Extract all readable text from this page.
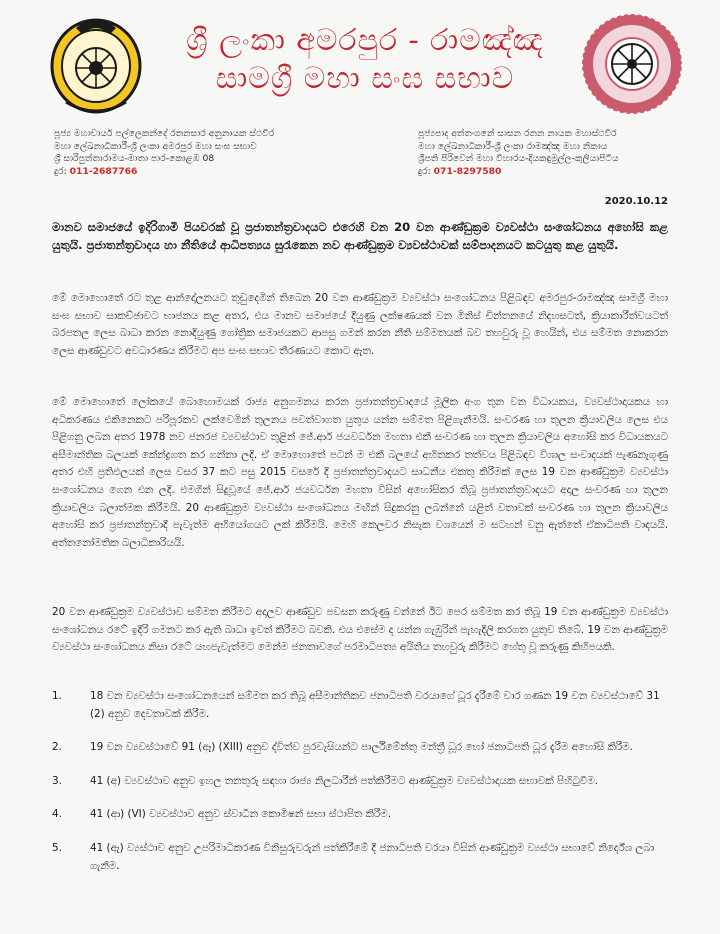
ශ්‍රී ලංකා අමරපුර - රාමඤ්ඤ
සාමග්‍රී මහා සංඝ සභාව
පූජ්‍ය මහාචාර්ය පල්ලෙකන්දේ රතනසාර අනුනායක ස්ථවිර
මහා ලේඛනාධිකාරී-ශ්‍රී ලංකා අමරපුර මහා සංඝ සභාව
ශ්‍රී සාරිපුත්තාරාමය-මාතා පාර-කොළඹ 08
දුර: 011-2687766
පූජ්‍යපාද අත්තංගනේ සාසන රතන නායක මහාස්ථවිර
මහා ලේඛනාධිකාරී-ශ්‍රී ලංකා රාමඤ්ඤ මහා නිකාය
ශ්‍රීපති පිරිවෙන් මහා විහාරය-දියකඳුමුල්ල-කුලියාපිටිය
දුර: 071-8297580
2020.10.12
මානව සමාජයේ ඉදිරිගාමී පියවරක් වූ ප්‍රජාතන්ත්‍රවාදයට එරෙහි වන 20 වන ආණ්ඩුක්‍රම ව්‍යවස්ථා සංශෝධනය අහෝසි කළ යුතුයි. ප්‍රජාතන්ත්‍රවාදය හා නීතියේ ආධිපත්‍යය සුරැකෙන නව ආණ්ඩුක්‍රම ව්‍යවස්ථාවක් සම්පාදනයට කටයුතු කළ යුතුයි.
මේ මොහොතේ රට තුළ ආන්දෝලනයට තුඩුදෙමින් තිබෙන 20 වන ආණ්ඩුක්‍රම ව්‍යවස්ථා සංශෝධනය පිළිබඳව අමරපුර-රාමඤ්ඤ සාමග්‍රී මහා සංඝ සභාව සාකච්ඡාවට භාජනය කළ අතර, එය මානව සමාජයේ දියුණු ලක්ෂණයක් වන මිනිස් චින්තනයේ නිදහසටත්, ක්‍රියාකාරීත්වයටත් බරපතල ලෙස බාධා කරන නොදියුණු ගෝත්‍රික සමාජයකට ආපසු ගමන් කරන නීති සම්මතයක් බව තහවුරු වූ හෙයින්, එය සම්මත නොකරන ලෙස ආණ්ඩුවට අවධාරණය කිරීමට අප සංඝ සභාව තීරණයට කොට ඇත.
මේ මොහොතේ ලෝකයේ බොහොමයක් රාජ්‍ය අනුගමනය කරන ප්‍රජාතන්ත්‍රවාදයේ මූලික අංග තුන වන විධායකය, ව්‍යවස්ථාදායකය හා අධිකරණය එකිනෙකට පරිපූරකව ලක්වෙමින් තුලනය පවත්වාගත යුතුය යන්න සම්මත පිළිගැනීමයි. සංවරණ හා තුලන ක්‍රියාවලිය ලෙස එය පිළිගනු ලබන අතර 1978 නව ජනරජ ව්‍යවස්ථාව තුළින් ජේ.ආර් ජයවර්ධන මහතා එකී සංවරණ හා තුලන ක්‍රියාවලිය අහෝසි කර විධායකයට අසීමාන්තික බලයක් කේන්ද්‍රගත කර ගන්නා ලදි. ඒ මොහොතේ පටන් ම එකී බලයේ අහිතකර තත්වය පිළිබඳව විශාල සංවාදයක් පැණනැගුණු අතර එහි ප්‍රතිඵලයක් ලෙස වසර 37 කට පසු 2015 වසරේ දී ප්‍රජාතන්ත්‍රවාදයට සාධනීය එකතු කිරීමක් ලෙස 19 වන ආණ්ඩුක්‍රම ව්‍යවස්ථා සංශෝධනය ගෙන එන ලදි. එමගින් සිදුවූයේ ජේ.ආර් ජයවර්ධන මහතා විසින් අහෝසිකර තිබූ ප්‍රජාතන්ත්‍රවාදයට අදාල සංවරණ හා තුලන ක්‍රියාවලිය බලාත්මක කිරීමයි. 20 ආණ්ඩුක්‍රම ව්‍යවස්ථා සංශෝධනය මඟින් සිදුකරනු ලබන්නේ යළිත් වතාවක් සංවරණ හා තුලන ක්‍රියාවලිය අහෝසි කර ප්‍රජාතන්ත්‍රවාදී පැවැත්ම අභියෝගයට ලක් කිරීමයි. මෙහි කෙලවර නිසැක වශයෙන් ම සටහන් වනු ඇත්තේ ඒකාධිපති වාදයයි. අත්තනෝමතික බලාධිකාරියයි.
20 වන ආණ්ඩුක්‍රම ව්‍යවස්ථාව සම්මත කිරීමට අදාලව ආණ්ඩුව පවසන කරුණු වන්නේ ඊට පෙර සම්මත කර තිබූ 19 වන ආණ්ඩුක්‍රම ව්‍යවස්ථා සංශෝධනය රටේ ඉදිරි ගමනට කර ඇති බාධා ඉවත් කිරීමට බවකි. එය එසේම ද යන්න ගැඹුරින් පැහැදිලි කරගත යුතුව තිබේ. 19 වන ආණ්ඩුක්‍රම ව්‍යවස්ථා සංශෝධනය නිසා රටේ යහපැවැත්මට මෙන්ම ජනතාවගේ පරමාධිපත්‍ය අයිතිය තහවුරු කිරීමට හේතු වූ කරුණු කිහිපයකි.
1.	18 වන ව්‍යවස්ථා සංශෝධනයෙන් සම්මත කර තිබූ අසීමාන්තිකව ජනාධිපති වරයාගේ ධූර දැරීමේ වාර ගණන 19 වන ව්‍යවස්ථාවේ 31 (2) අනුව දෙවතාවක් කිරීම.
2.	19 වන ව්‍යවස්ථාවේ 91 (ඈ) (XIII) අනුව ද්විත්ව පුරවැසියන්ට පාර්ලිමේන්තු මන්ත්‍රී ධූර හෝ ජනාධිපති ධූර දැරීම අහෝසි කිරීම.
3.	41 (අ) ව්‍යවස්ථාව අනුව ඉහල තනතුරු සඳහා රාජ්‍ය නිලධාරීන් පත්කිරීමට ආණ්ඩුක්‍රම ව්‍යවස්ථාදායක සභාවක් පිහිටුවීම.
4.	41 (ආ) (VI) ව්‍යවස්ථාව අනුව ස්වාධීන කොමිෂන් සභා ස්ථාපිත කිරීම.
5.	41 (ඇ) ව්‍යස්ථාව අනුව උපරිමාධිකරණ විනිසුරුවරුන් පත්කිරීමේ දී ජනාධිපති වරයා විසින් ආණ්ඩුක්‍රම ව්‍යස්ථා සභාවේ නිර්දේශ ලබා ගැනීම.
